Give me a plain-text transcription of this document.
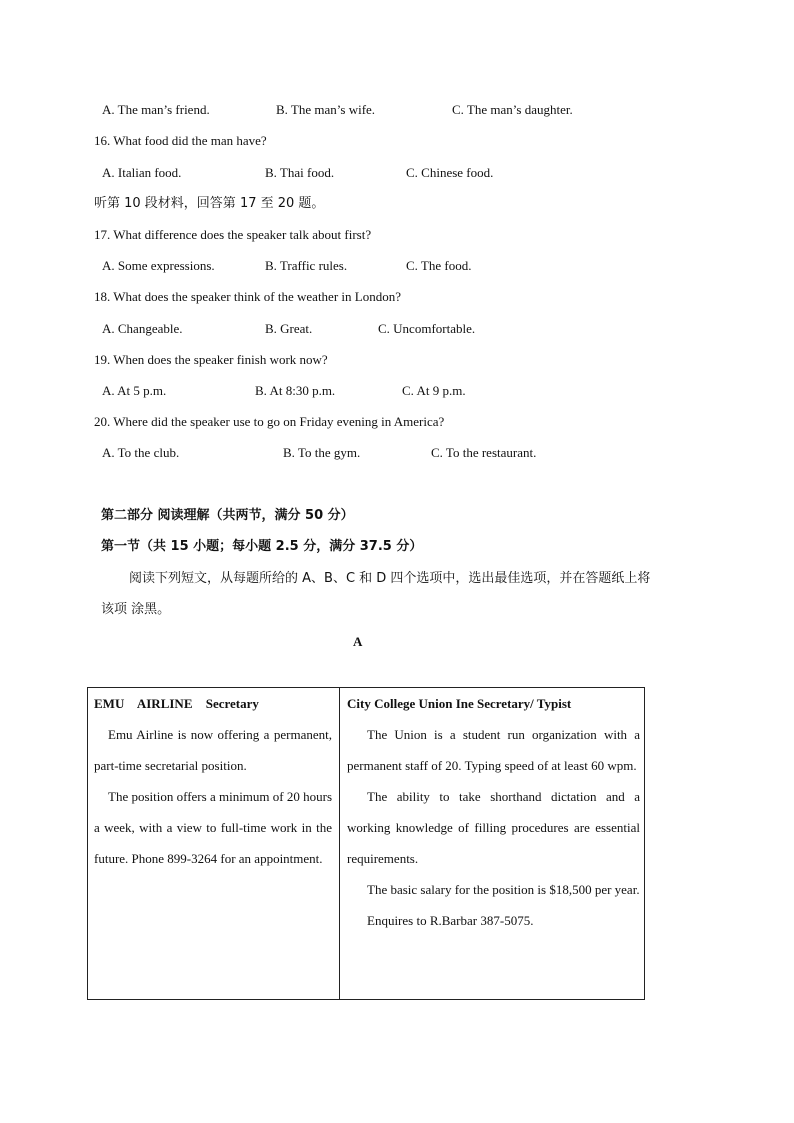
A. The man’s friend.	B. The man’s wife.	C. The man’s daughter.
16. What food did the man have?
A. Italian food.	B. Thai food.	C. Chinese food.
听第 10 段材料，回答第 17 至 20 题。
17. What difference does the speaker talk about first?
A. Some expressions.	B. Traffic rules.	C. The food.
18. What does the speaker think of the weather in London?
A. Changeable.	B. Great.	C. Uncomfortable.
19. When does the speaker finish work now?
A. At 5 p.m.	B. At 8:30 p.m.	C. At 9 p.m.
20. Where did the speaker use to go on Friday evening in America?
A. To the club.	B. To the gym.	C. To the restaurant.
第二部分 阅读理解（共两节，满分 50 分）
第一节（共 15 小题；每小题 2.5 分，满分 37.5 分）
阅读下列短文，从每题所给的 A、B、C 和 D 四个选项中，选出最佳选项，并在答题纸上将
该项 涂黑。
A

EMU AIRLINE Secretary

Emu Airline is now offering a permanent, part-time secretarial position.

The position offers a minimum of 20 hours a week, with a view to full-time work in the future. Phone 899-3264 for an appointment.

City College Union Ine Secretary/ Typist

The Union is a student run organization with a permanent staff of 20. Typing speed of at least 60 wpm.

The ability to take shorthand dictation and a working knowledge of filling procedures are essential requirements.

The basic salary for the position is $18,500 per year.

Enquires to R.Barbar 387-5075.
